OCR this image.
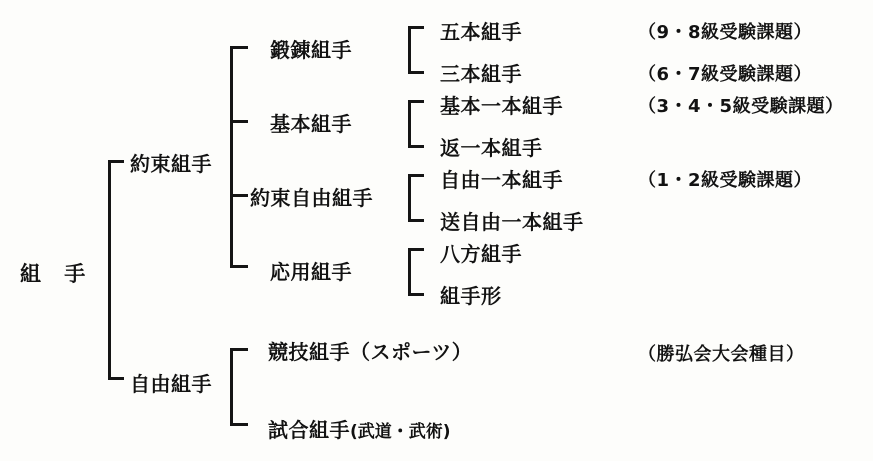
組 手
約束組手
自由組手
鍛錬組手
基本組手
約束自由組手
応用組手
五本組手
三本組手
基本一本組手
返一本組手
自由一本組手
送自由一本組手
八方組手
組手形
（9・8級受験課題）
（6・7級受験課題）
（3・4・5級受験課題）
（1・2級受験課題）
（勝弘会大会種目）
競技組手（スポーツ）
試合組手(武道・武術)
